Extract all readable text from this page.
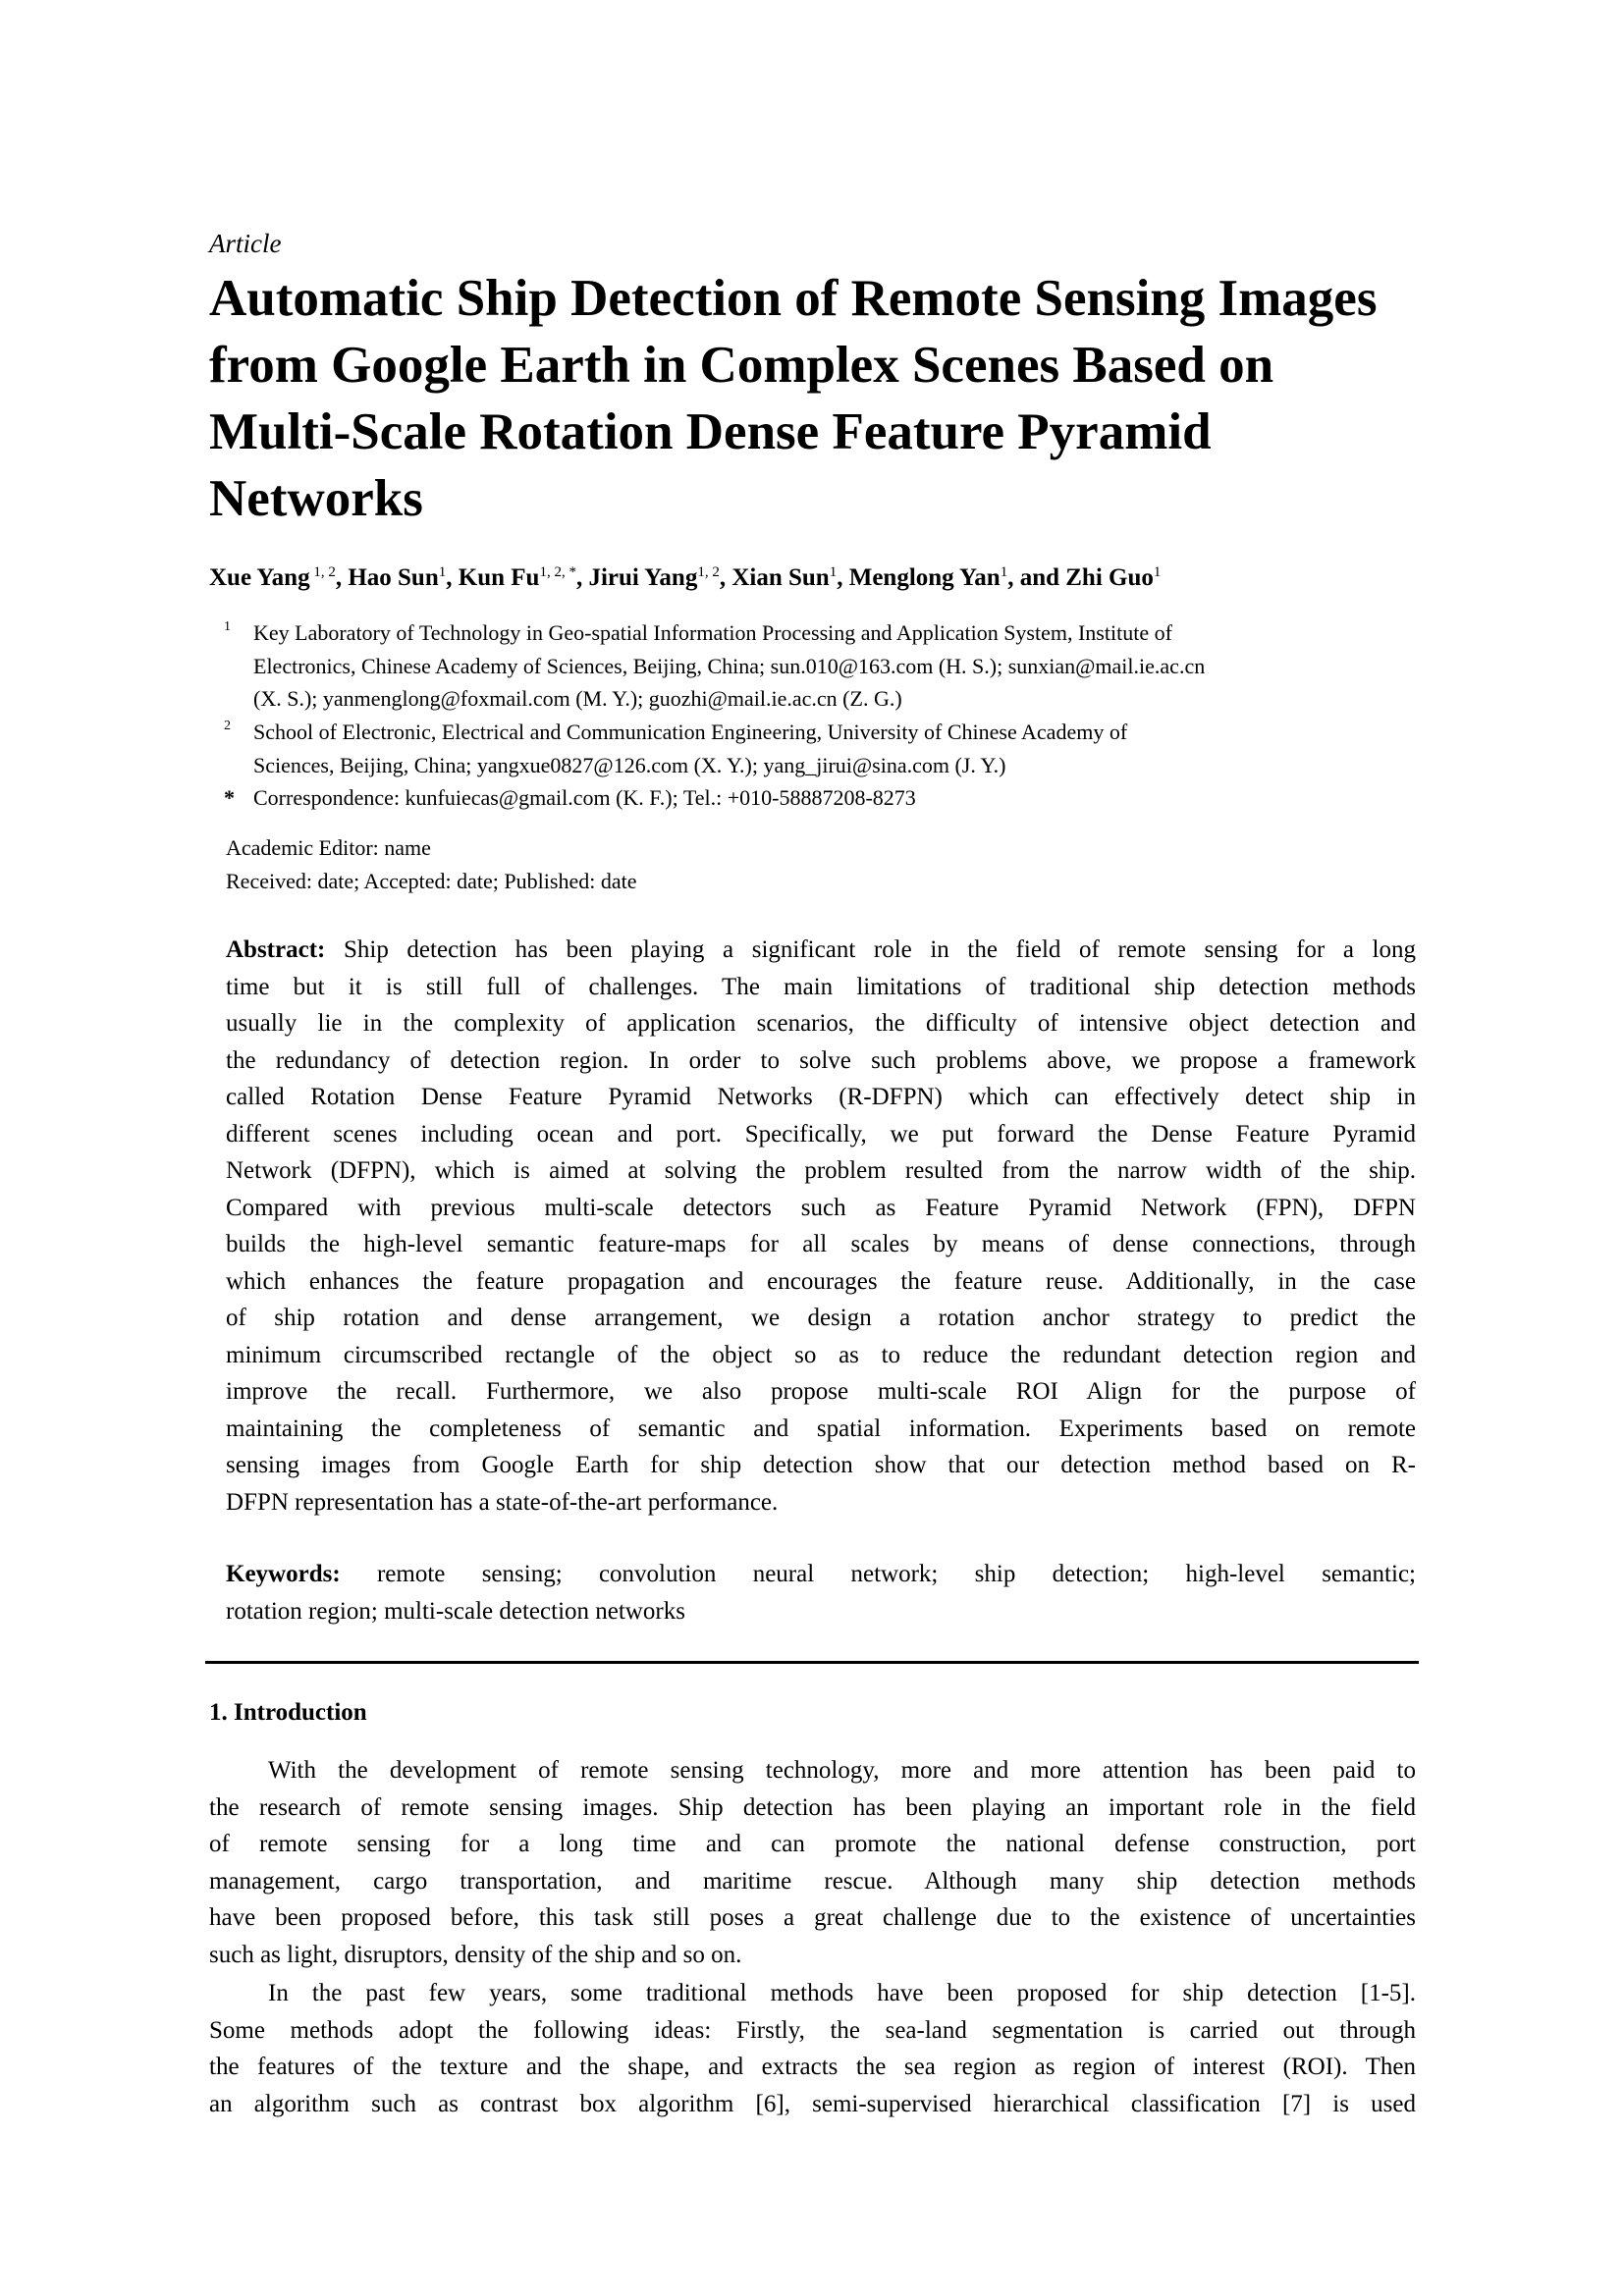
Article
Automatic Ship Detection of Remote Sensing Images
from Google Earth in Complex Scenes Based on
Multi-Scale Rotation Dense Feature Pyramid
Networks
Xue Yang $^{1, 2}$, Hao Sun$^1$, Kun $Fu^{1, 2, *}$, Jirui Yang$^{1, 2}$, Xian Sun$^1$, Menglong Yan$^1$, and Zhi Guo$^1$
1 Key Laboratory of Technology in Geo-spatial Information Processing and Application System, Institute of
Electronics, Chinese Academy of Sciences, Beijing, China; sun.010@163.com (H. S.); sunxian@mail.ie.ac.cn
(X. S.); yanmenglong@foxmail.com (M. Y.); guozhi@mail.ie.ac.cn (Z. G.)
2 School of Electronic, Electrical and Communication Engineering, University of Chinese Academy of
Sciences, Beijing, China; yangxue0827@126.com (X. Y.); yang_jirui@sina.com (J. Y.)
* Correspondence: kunfuiecas@gmail.com (K. F.); Tel.: +010-58887208-8273
Academic Editor: name
Received: date; Accepted: date; Published: date
Abstract: Ship detection has been playing a significant role in the field of remote sensing for a long
time but it is still full of challenges. The main limitations of traditional ship detection methods
usually lie in the complexity of application scenarios, the difficulty of intensive object detection and
the redundancy of detection region. In order to solve such problems above, we propose a framework
called Rotation Dense Feature Pyramid Networks (R-DFPN) which can effectively detect ship in
different scenes including ocean and port. Specifically, we put forward the Dense Feature Pyramid
Network (DFPN), which is aimed at solving the problem resulted from the narrow width of the ship.
Compared with previous multi-scale detectors such as Feature Pyramid Network (FPN), DFPN
builds the high-level semantic feature-maps for all scales by means of dense connections, through
which enhances the feature propagation and encourages the feature reuse. Additionally, in the case
of ship rotation and dense arrangement, we design a rotation anchor strategy to predict the
minimum circumscribed rectangle of the object so as to reduce the redundant detection region and
improve the recall. Furthermore, we also propose multi-scale ROI Align for the purpose of
maintaining the completeness of semantic and spatial information. Experiments based on remote
sensing images from Google Earth for ship detection show that our detection method based on R-
DFPN representation has a state-of-the-art performance.
Keywords: remote sensing; convolution neural network; ship detection; high-level semantic;
rotation region; multi-scale detection networks
1. Introduction
With the development of remote sensing technology, more and more attention has been paid to
the research of remote sensing images. Ship detection has been playing an important role in the field
of remote sensing for a long time and can promote the national defense construction, port
management, cargo transportation, and maritime rescue. Although many ship detection methods
have been proposed before, this task still poses a great challenge due to the existence of uncertainties
such as light, disruptors, density of the ship and so on.
In the past few years, some traditional methods have been proposed for ship detection [1-5].
Some methods adopt the following ideas: Firstly, the sea-land segmentation is carried out through
the features of the texture and the shape, and extracts the sea region as region of interest (ROI). Then
an algorithm such as contrast box algorithm [6], semi-supervised hierarchical classification [7] is used
